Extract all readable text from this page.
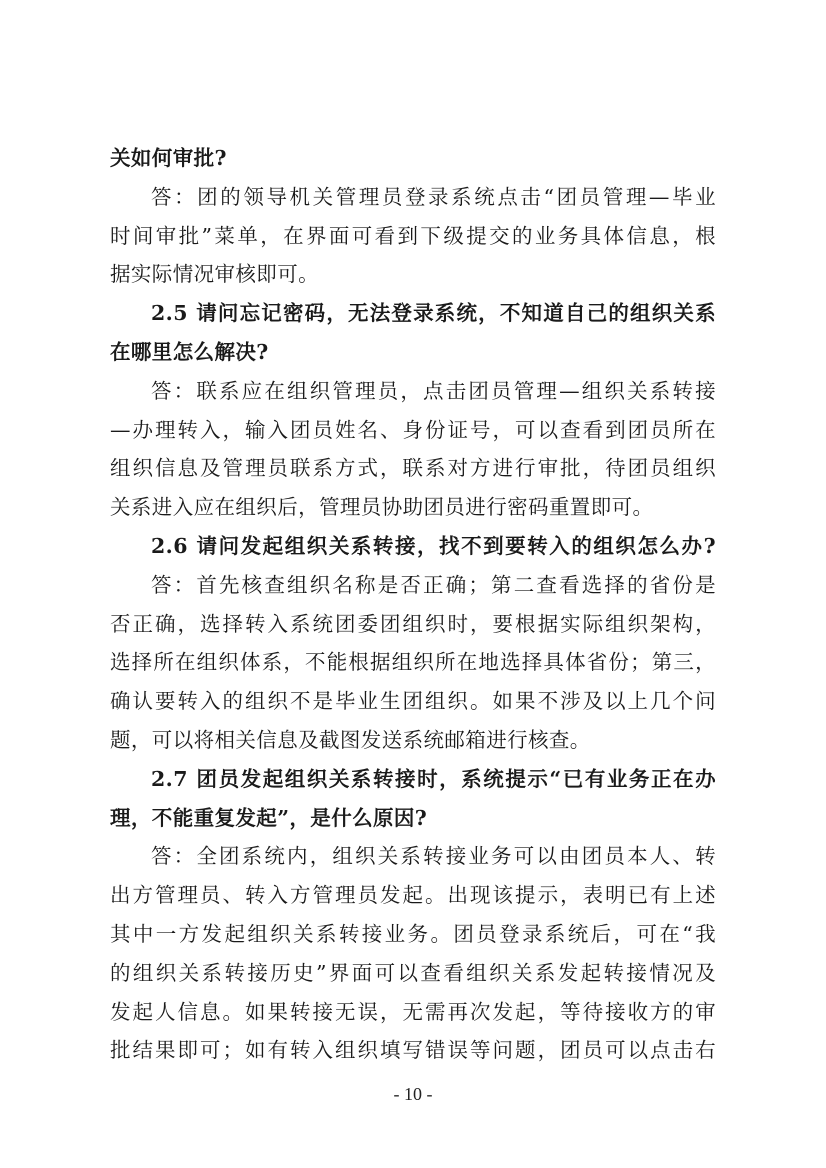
关如何审批?
答：团的领导机关管理员登录系统点击“团员管理—毕业
时间审批”菜单，在界面可看到下级提交的业务具体信息，根
据实际情况审核即可。
2.5 请问忘记密码，无法登录系统，不知道自己的组织关系
在哪里怎么解决?
答：联系应在组织管理员，点击团员管理—组织关系转接
—办理转入，输入团员姓名、身份证号，可以查看到团员所在
组织信息及管理员联系方式，联系对方进行审批，待团员组织
关系进入应在组织后，管理员协助团员进行密码重置即可。
2.6 请问发起组织关系转接，找不到要转入的组织怎么办?
答：首先核查组织名称是否正确；第二查看选择的省份是
否正确，选择转入系统团委团组织时，要根据实际组织架构，
选择所在组织体系，不能根据组织所在地选择具体省份；第三，
确认要转入的组织不是毕业生团组织。如果不涉及以上几个问
题，可以将相关信息及截图发送系统邮箱进行核查。
2.7 团员发起组织关系转接时，系统提示“已有业务正在办
理，不能重复发起”，是什么原因?
答：全团系统内，组织关系转接业务可以由团员本人、转
出方管理员、转入方管理员发起。出现该提示，表明已有上述
其中一方发起组织关系转接业务。团员登录系统后，可在“我
的组织关系转接历史”界面可以查看组织关系发起转接情况及
发起人信息。如果转接无误，无需再次发起，等待接收方的审
批结果即可；如有转入组织填写错误等问题，团员可以点击右
- 10 -
